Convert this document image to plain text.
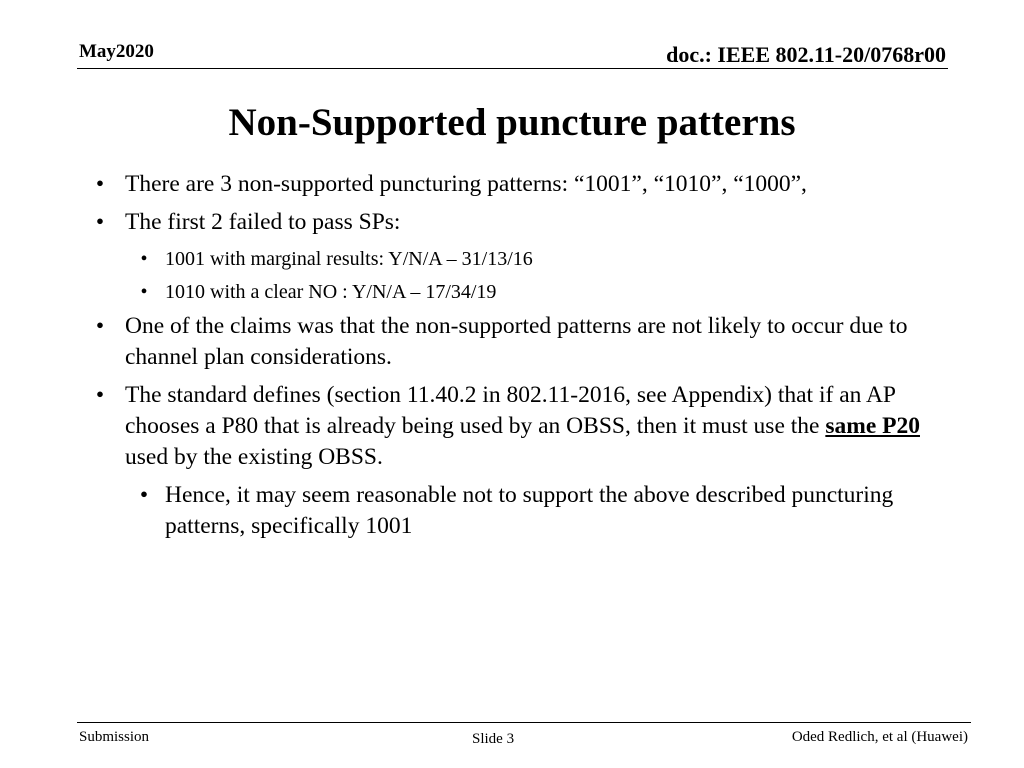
May2020	doc.: IEEE 802.11-20/0768r00
Non-Supported puncture patterns
• There are 3 non-supported puncturing patterns: “1001”, “1010”, “1000”,
• The first 2 failed to pass SPs:
• 1001 with marginal results: Y/N/A – 31/13/16
• 1010 with a clear NO : Y/N/A – 17/34/19
• One of the claims was that the non-supported patterns are not likely to occur due to channel plan considerations.
• The standard defines (section 11.40.2 in 802.11-2016, see Appendix) that if an AP chooses a P80 that is already being used by an OBSS, then it must use the same P20 used by the existing OBSS.
• Hence, it may seem reasonable not to support the above described puncturing patterns, specifically 1001
Submission	Slide 3	Oded Redlich, et al (Huawei)
